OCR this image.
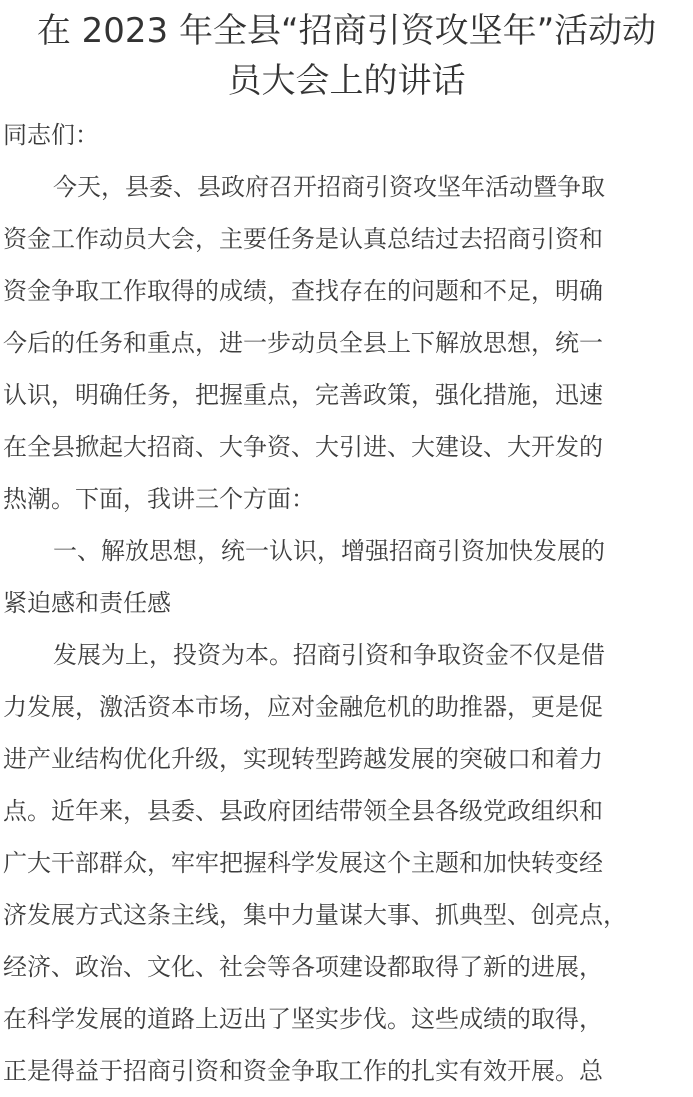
在 2023 年全县“招商引资攻坚年”活动动
员大会上的讲话
同志们：
今天，县委、县政府召开招商引资攻坚年活动暨争取
资金工作动员大会，主要任务是认真总结过去招商引资和
资金争取工作取得的成绩，查找存在的问题和不足，明确
今后的任务和重点，进一步动员全县上下解放思想，统一
认识，明确任务，把握重点，完善政策，强化措施，迅速
在全县掀起大招商、大争资、大引进、大建设、大开发的
热潮。下面，我讲三个方面：
一、解放思想，统一认识，增强招商引资加快发展的
紧迫感和责任感
发展为上，投资为本。招商引资和争取资金不仅是借
力发展，激活资本市场，应对金融危机的助推器，更是促
进产业结构优化升级，实现转型跨越发展的突破口和着力
点。近年来，县委、县政府团结带领全县各级党政组织和
广大干部群众，牢牢把握科学发展这个主题和加快转变经
济发展方式这条主线，集中力量谋大事、抓典型、创亮点，
经济、政治、文化、社会等各项建设都取得了新的进展，
在科学发展的道路上迈出了坚实步伐。这些成绩的取得，
正是得益于招商引资和资金争取工作的扎实有效开展。总
